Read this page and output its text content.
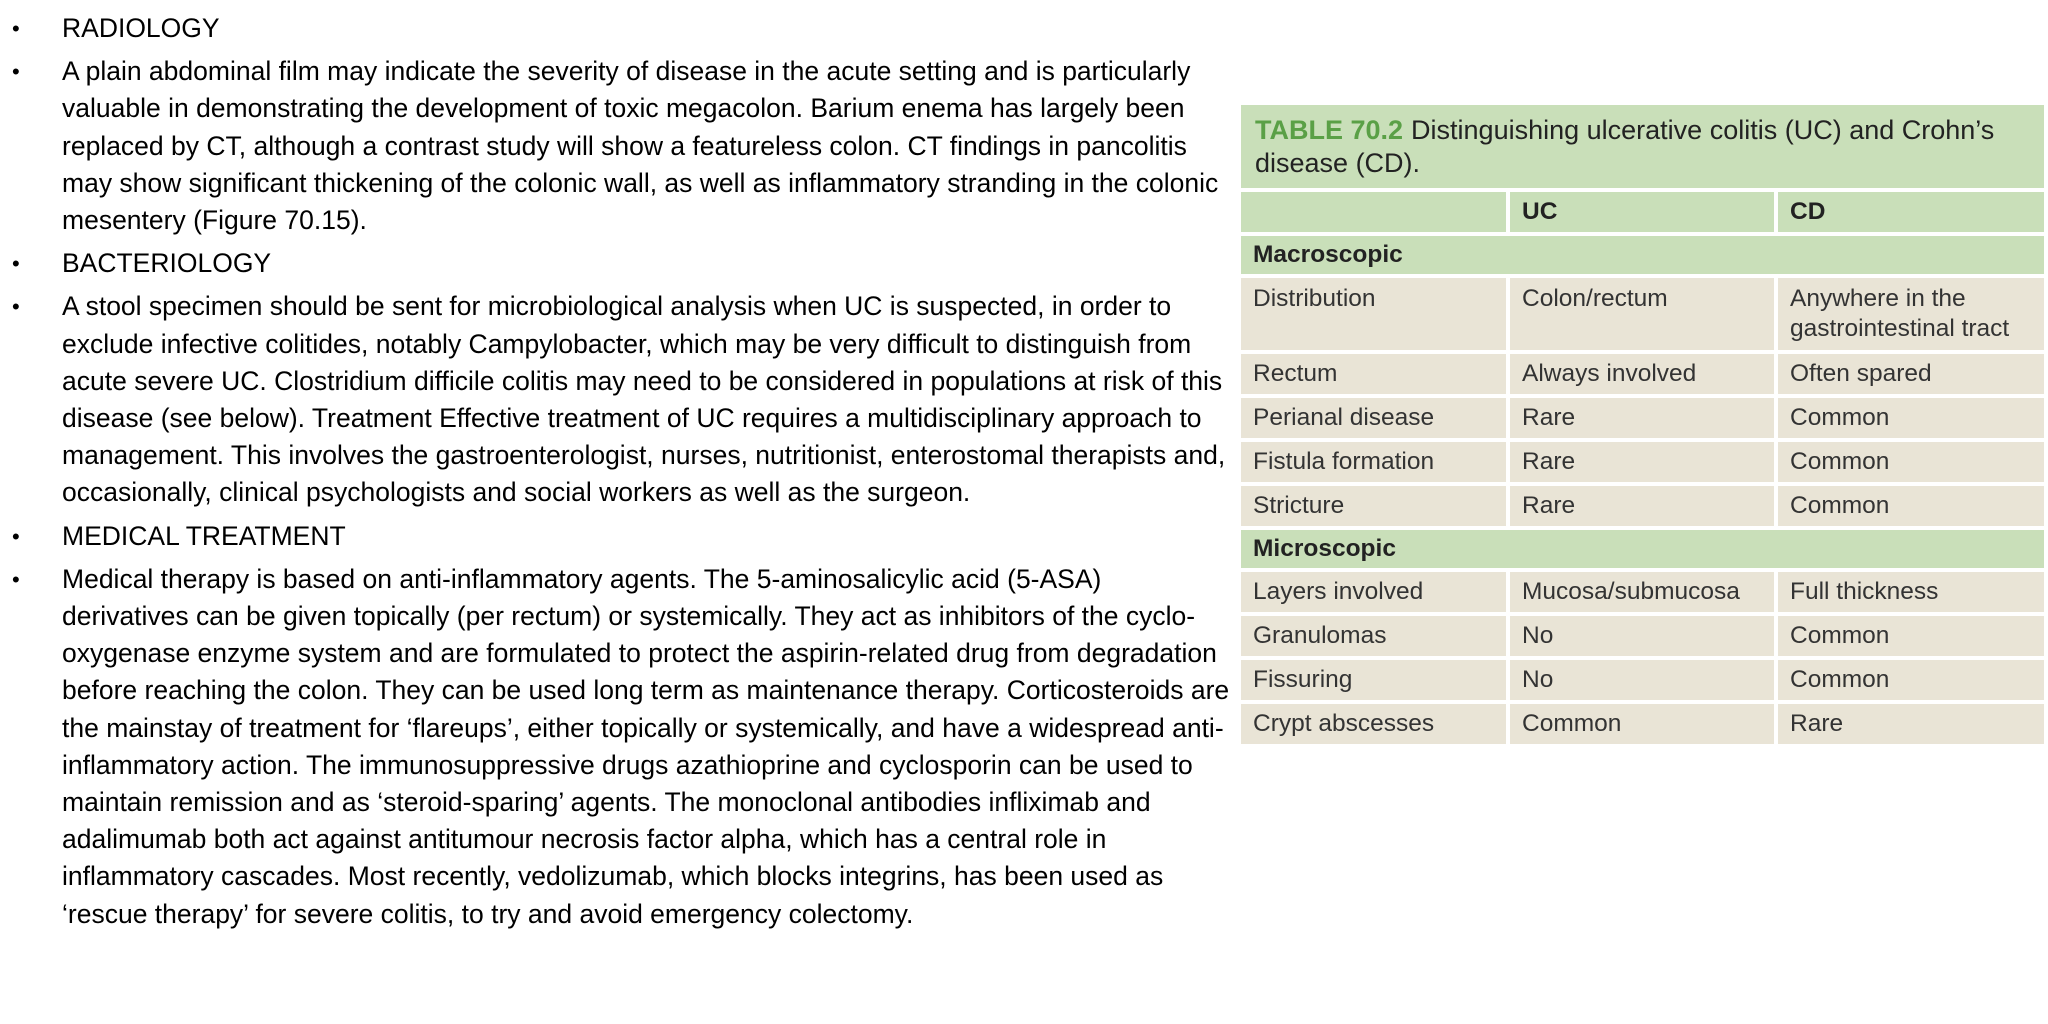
• RADIOLOGY
• A plain abdominal film may indicate the severity of disease in the acute setting and is particularly valuable in demonstrating the development of toxic megacolon. Barium enema has largely been replaced by CT, although a contrast study will show a featureless colon. CT findings in pancolitis may show significant thickening of the colonic wall, as well as inflammatory stranding in the colonic mesentery (Figure 70.15).
• BACTERIOLOGY
• A stool specimen should be sent for microbiological analysis when UC is suspected, in order to exclude infective colitides, notably Campylobacter, which may be very difficult to distinguish from acute severe UC. Clostridium difficile colitis may need to be considered in populations at risk of this disease (see below). Treatment Effective treatment of UC requires a multidisciplinary approach to management. This involves the gastroenterologist, nurses, nutritionist, enterostomal therapists and, occasionally, clinical psychologists and social workers as well as the surgeon.
• MEDICAL TREATMENT
• Medical therapy is based on anti-inflammatory agents. The 5-aminosalicylic acid (5-ASA) derivatives can be given topically (per rectum) or systemically. They act as inhibitors of the cyclo-oxygenase enzyme system and are formulated to protect the aspirin-related drug from degradation before reaching the colon. They can be used long term as maintenance therapy. Corticosteroids are the mainstay of treatment for ‘flareups’, either topically or systemically, and have a widespread anti-inflammatory action. The immunosuppressive drugs azathioprine and cyclosporin can be used to maintain remission and as ‘steroid-sparing’ agents. The monoclonal antibodies infliximab and adalimumab both act against antitumour necrosis factor alpha, which has a central role in inflammatory cascades. Most recently, vedolizumab, which blocks integrins, has been used as ‘rescue therapy’ for severe colitis, to try and avoid emergency colectomy.
TABLE 70.2 Distinguishing ulcerative colitis (UC) and Crohn’s disease (CD).
	UC	CD
Macroscopic		
Distribution	Colon/rectum	Anywhere in the gastrointestinal tract
Rectum	Always involved	Often spared
Perianal disease	Rare	Common
Fistula formation	Rare	Common
Stricture	Rare	Common
Microscopic		
Layers involved	Mucosa/submucosa	Full thickness
Granulomas	No	Common
Fissuring	No	Common
Crypt abscesses	Common	Rare
